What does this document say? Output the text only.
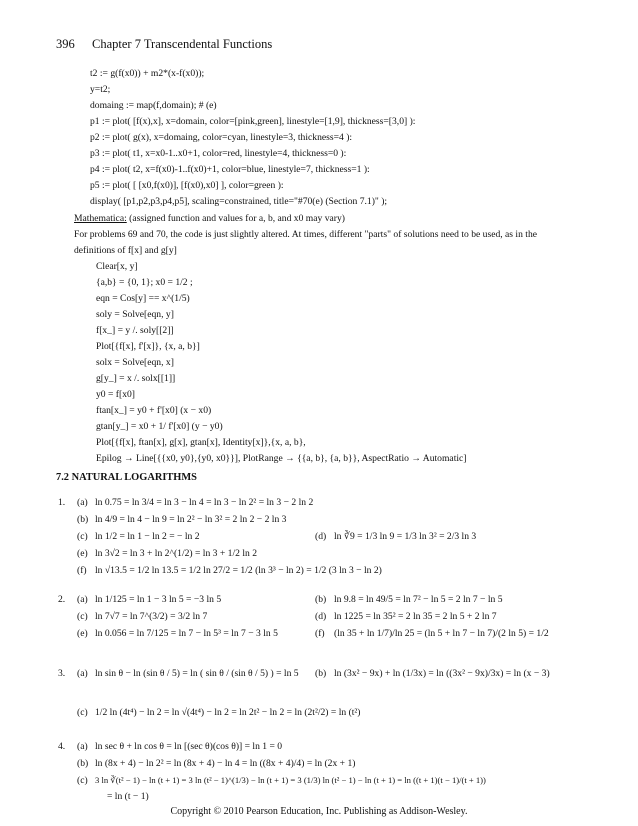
396 Chapter 7 Transcendental Functions
t2 := g(f(x0)) + m2*(x-f(x0));
y=t2;
domaing := map(f,domain); # (e)
p1 := plot( [f(x),x], x=domain, color=[pink,green], linestyle=[1,9], thickness=[3,0] ):
p2 := plot( g(x), x=domaing, color=cyan, linestyle=3, thickness=4 ):
p3 := plot( t1, x=x0-1..x0+1, color=red, linestyle=4, thickness=0 ):
p4 := plot( t2, x=f(x0)-1..f(x0)+1, color=blue, linestyle=7, thickness=1 ):
p5 := plot( [ [x0,f(x0)], [f(x0),x0] ], color=green ):
display( [p1,p2,p3,p4,p5], scaling=constrained, title="#70(e) (Section 7.1)" );
Mathematica: (assigned function and values for a, b, and x0 may vary)
For problems 69 and 70, the code is just slightly altered. At times, different "parts" of solutions need to be used, as in the
definitions of f[x] and g[y]
Clear[x, y]
{a,b} = {0, 1}; x0 = 1/2 ;
eqn = Cos[y] == x^(1/5)
soly = Solve[eqn, y]
f[x_] = y /. soly[[2]]
Plot[{f[x], f'[x]}, {x, a, b}]
solx = Solve[eqn, x]
g[y_] = x /. solx[[1]]
y0 = f[x0]
ftan[x_] = y0 + f'[x0] (x − x0)
gtan[y_] = x0 + 1/ f'[x0] (y − y0)
Plot[{f[x], ftan[x], g[x], gtan[x], Identity[x]},{x, a, b},
Epilog → Line[{{x0, y0},{y0, x0}}], PlotRange → {{a, b}, {a, b}}, AspectRatio → Automatic]
7.2 NATURAL LOGARITHMS
1. (a) ln 0.75 = ln 3/4 = ln 3 − ln 4 = ln 3 − ln 2² = ln 3 − 2 ln 2
(b) ln 4/9 = ln 4 − ln 9 = ln 2² − ln 3² = 2 ln 2 − 2 ln 3
(c) ln 1/2 = ln 1 − ln 2 = − ln 2	(d) ln ∛9 = 1/3 ln 9 = 1/3 ln 3² = 2/3 ln 3
(e) ln 3√2 = ln 3 + ln 2^(1/2) = ln 3 + 1/2 ln 2
(f) ln √13.5 = 1/2 ln 13.5 = 1/2 ln 27/2 = 1/2 (ln 3³ − ln 2) = 1/2 (3 ln 3 − ln 2)
2. (a) ln 1/125 = ln 1 − 3 ln 5 = −3 ln 5	(b) ln 9.8 = ln 49/5 = ln 7² − ln 5 = 2 ln 7 − ln 5
(c) ln 7√7 = ln 7^(3/2) = 3/2 ln 7	(d) ln 1225 = ln 35² = 2 ln 35 = 2 ln 5 + 2 ln 7
(e) ln 0.056 = ln 7/125 = ln 7 − ln 5³ = ln 7 − 3 ln 5	(f) (ln 35 + ln 1/7)/ln 25 = (ln 5 + ln 7 − ln 7)/(2 ln 5) = 1/2
3. (a) ln sin θ − ln (sin θ / 5) = ln ( sin θ / (sin θ / 5) ) = ln 5 (b) ln (3x² − 9x) + ln (1/3x) = ln ((3x² − 9x)/3x) = ln (x − 3)
(c) 1/2 ln (4t⁴) − ln 2 = ln √(4t⁴) − ln 2 = ln 2t² − ln 2 = ln (2t²/2) = ln (t²)
4. (a) ln sec θ + ln cos θ = ln [(sec θ)(cos θ)] = ln 1 = 0
(b) ln (8x + 4) − ln 2² = ln (8x + 4) − ln 4 = ln ((8x + 4)/4) = ln (2x + 1)
(c) 3 ln ∛(t² − 1) − ln (t + 1) = 3 ln (t² − 1)^(1/3) − ln (t + 1) = 3 (1/3) ln (t² − 1) − ln (t + 1) = ln ((t + 1)(t − 1)/(t + 1))
= ln (t − 1)
Copyright © 2010 Pearson Education, Inc. Publishing as Addison-Wesley.
